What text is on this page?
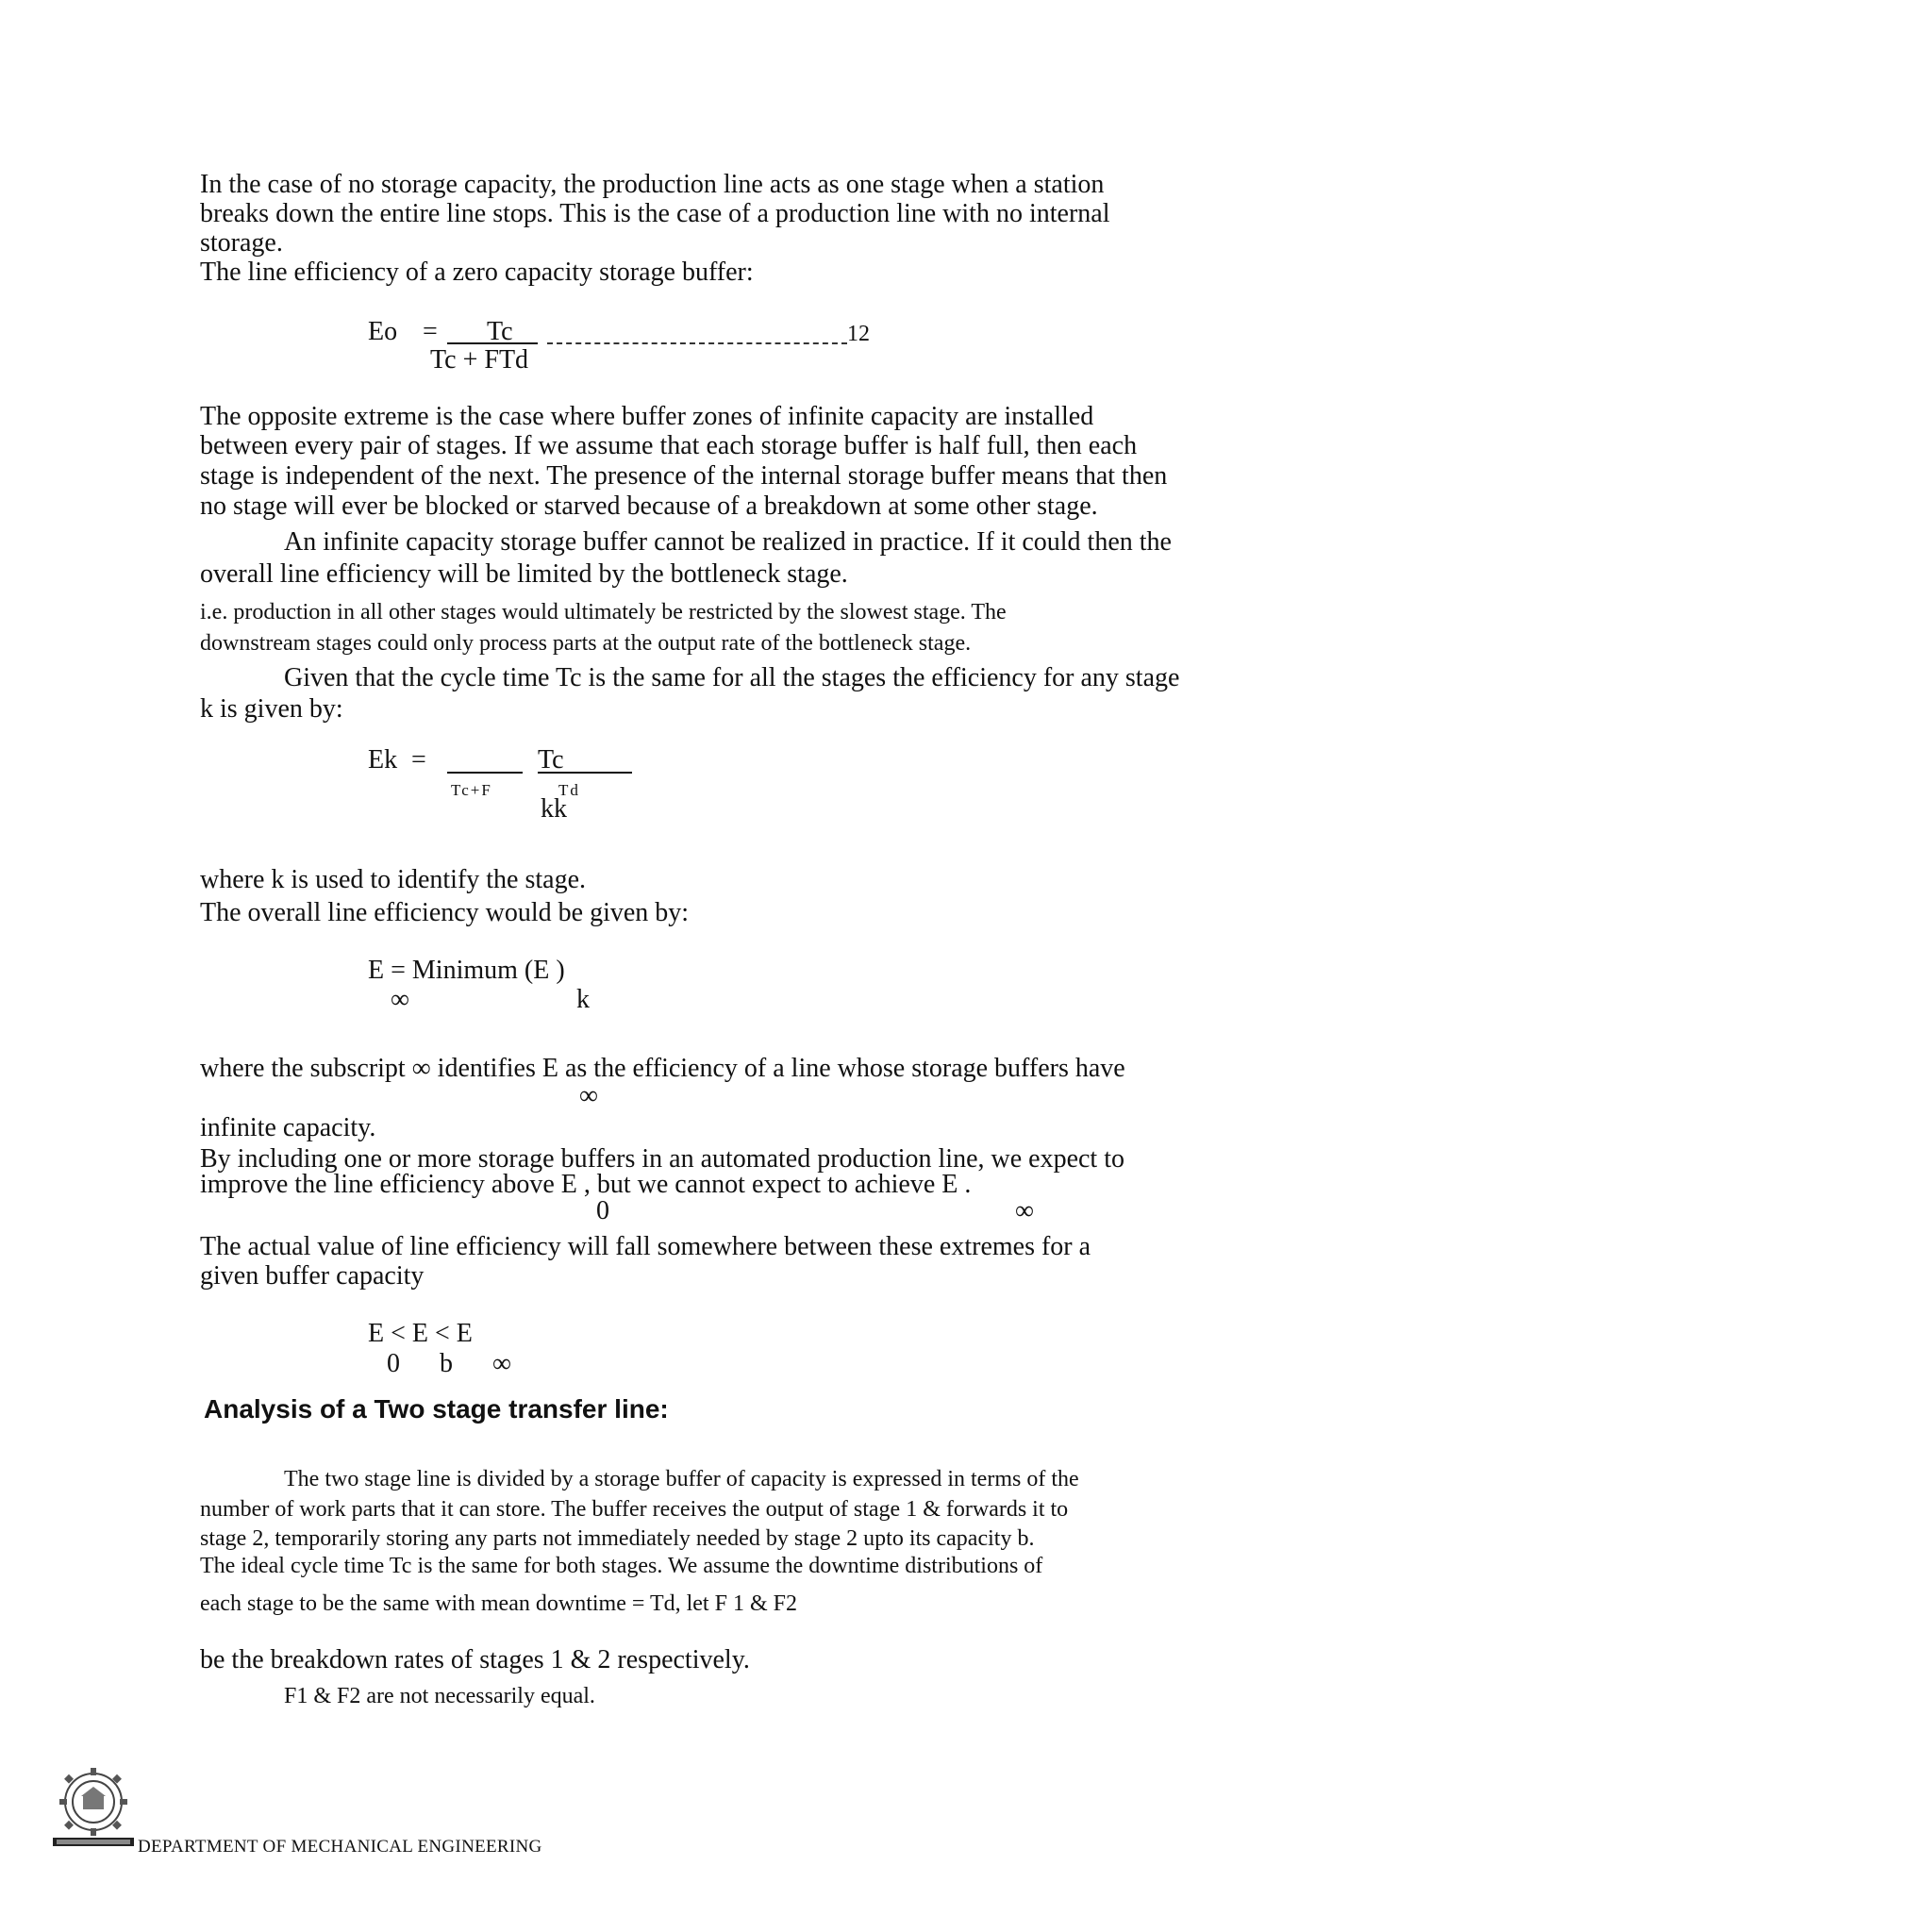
In the case of no storage capacity, the production line acts as one stage when a station
breaks down the entire line stops. This is the case of a production line with no internal
storage.
The line efficiency of a zero capacity storage buffer:
Eo = Tc	12
Tc + FTd
The opposite extreme is the case where buffer zones of infinite capacity are installed
between every pair of stages. If we assume that each storage buffer is half full, then each
stage is independent of the next. The presence of the internal storage buffer means that then
no stage will ever be blocked or starved because of a breakdown at some other stage.
An infinite capacity storage buffer cannot be realized in practice. If it could then the
overall line efficiency will be limited by the bottleneck stage.
i.e. production in all other stages would ultimately be restricted by the slowest stage. The
downstream stages could only process parts at the output rate of the bottleneck stage.
Given that the cycle time Tc is the same for all the stages the efficiency for any stage
k is given by:
Ek =	Tc
Tc+F	Td
kk
where k is used to identify the stage.
The overall line efficiency would be given by:
E = Minimum (E )
∞	k
where the subscript ∞ identifies E as the efficiency of a line whose storage buffers have
∞
infinite capacity.
By including one or more storage buffers in an automated production line, we expect to
improve the line efficiency above E , but we cannot expect to achieve E .
0	∞
The actual value of line efficiency will fall somewhere between these extremes for a
given buffer capacity
E < E < E
0      b      ∞
Analysis of a Two stage transfer line:
The two stage line is divided by a storage buffer of capacity is expressed in terms of the
number of work parts that it can store. The buffer receives the output of stage 1 & forwards it to
stage 2, temporarily storing any parts not immediately needed by stage 2 upto its capacity b.
The ideal cycle time Tc is the same for both stages. We assume the downtime distributions of
each stage to be the same with mean downtime = Td, let F 1 & F2
be the breakdown rates of stages 1 & 2 respectively.
F1 & F2 are not necessarily equal.
DEPARTMENT OF MECHANICAL ENGINEERING
